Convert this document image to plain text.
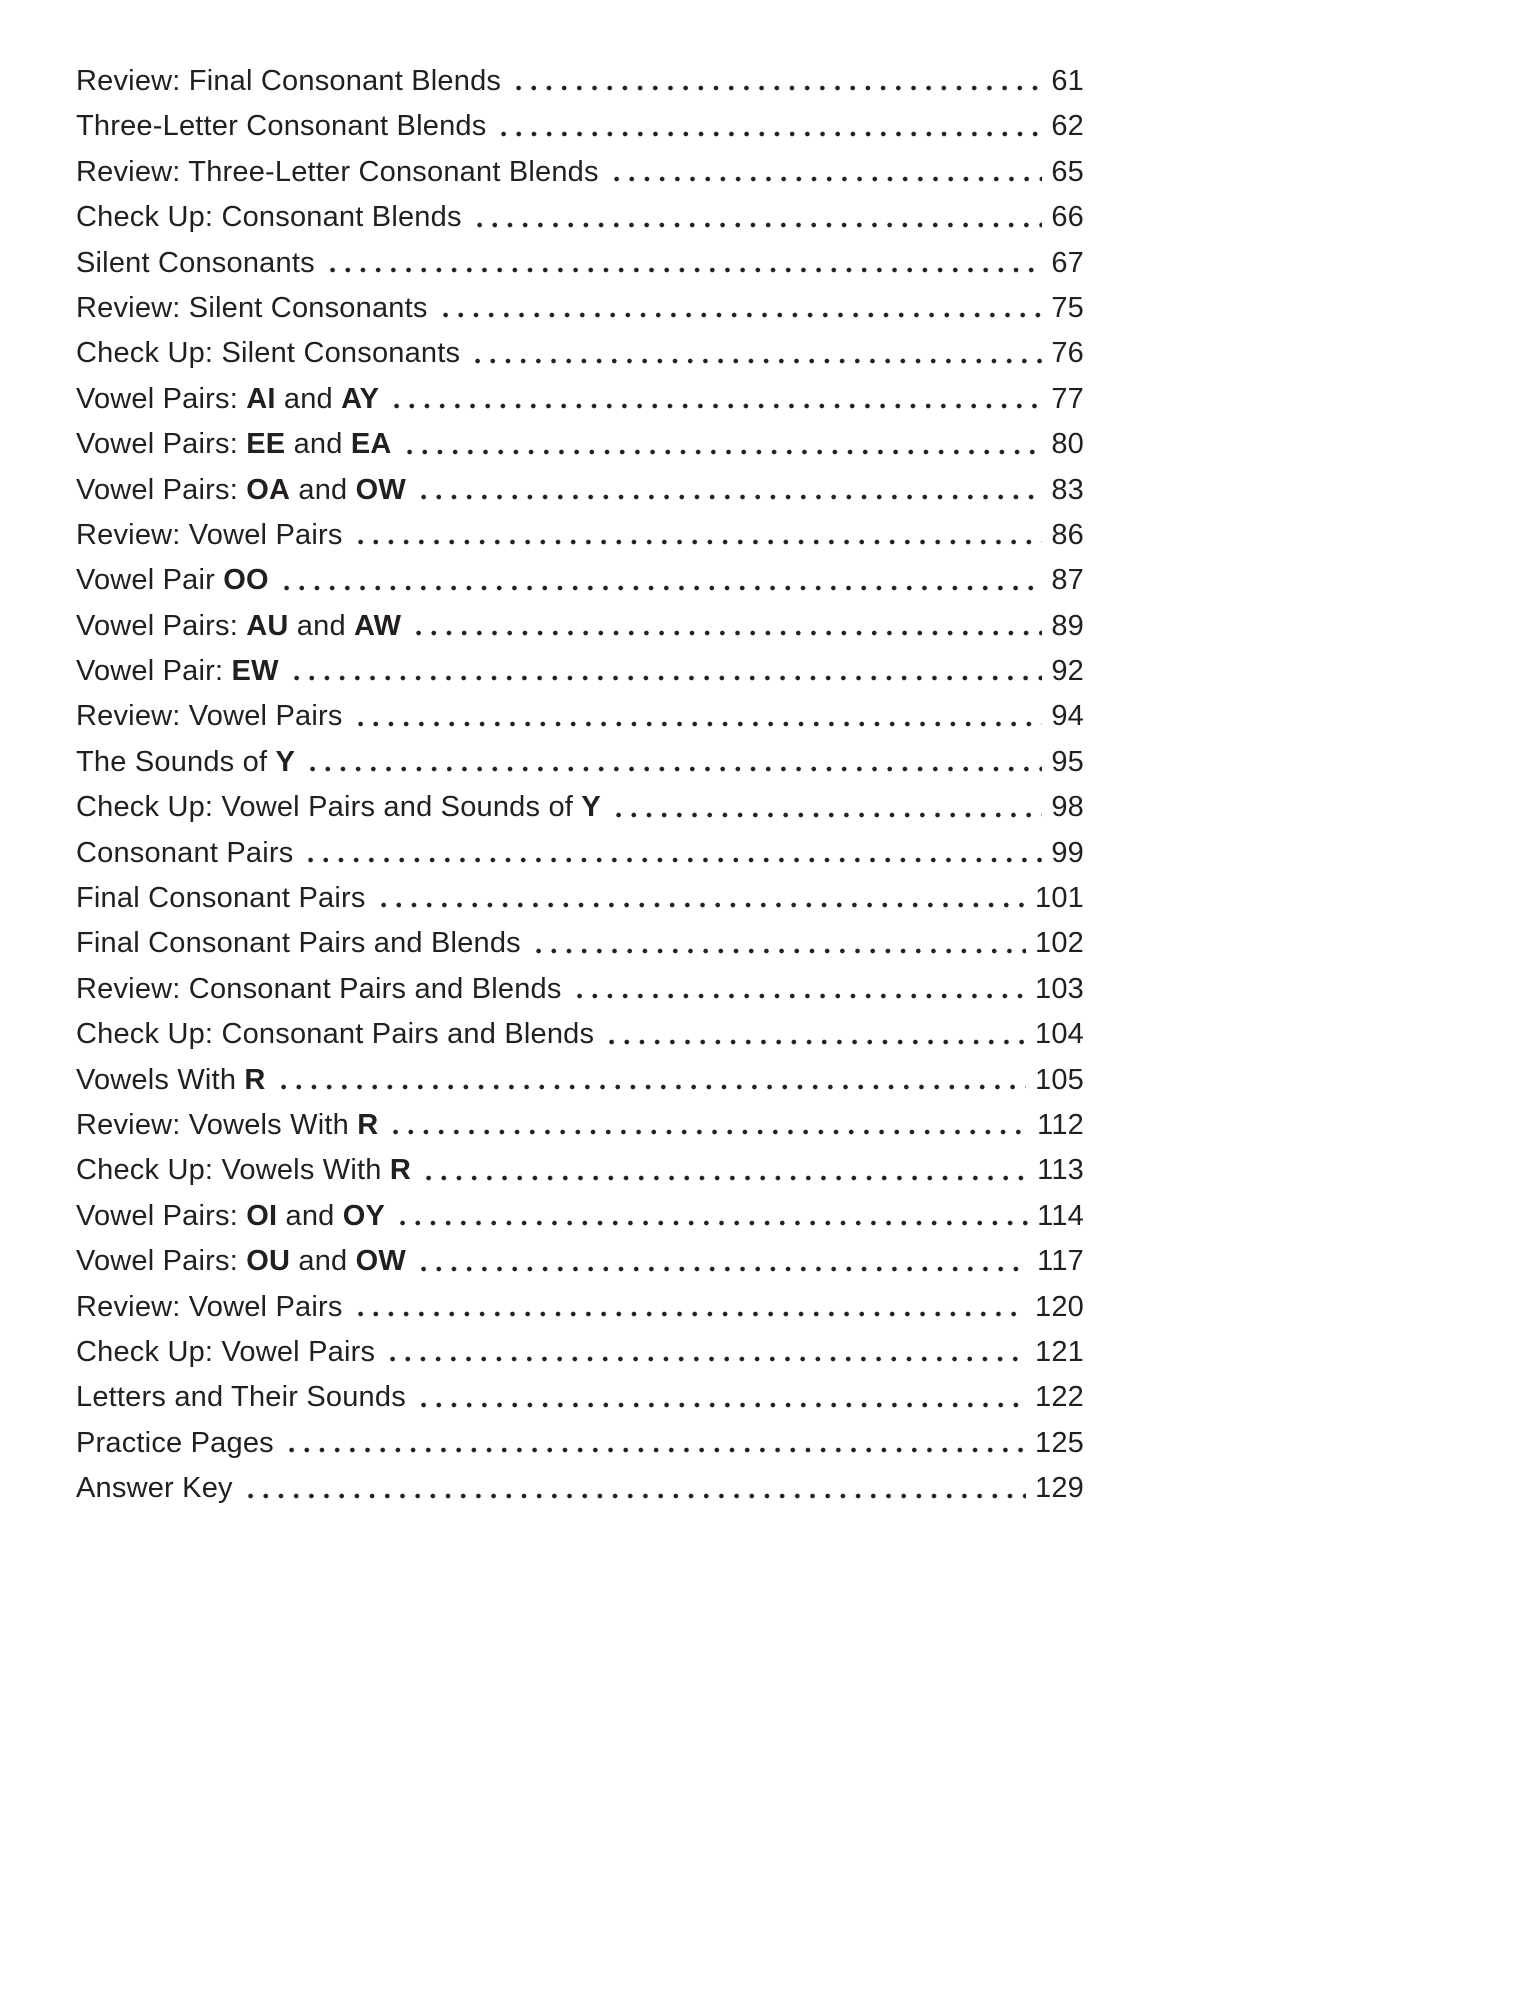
Review: Final Consonant Blends	61
Three-Letter Consonant Blends	62
Review: Three-Letter Consonant Blends	65
Check Up: Consonant Blends	66
Silent Consonants	67
Review: Silent Consonants	75
Check Up: Silent Consonants	76
Vowel Pairs: AI and AY	77
Vowel Pairs: EE and EA	80
Vowel Pairs: OA and OW	83
Review: Vowel Pairs	86
Vowel Pair OO	87
Vowel Pairs: AU and AW	89
Vowel Pair: EW	92
Review: Vowel Pairs	94
The Sounds of Y	95
Check Up: Vowel Pairs and Sounds of Y	98
Consonant Pairs	99
Final Consonant Pairs	101
Final Consonant Pairs and Blends	102
Review: Consonant Pairs and Blends	103
Check Up: Consonant Pairs and Blends	104
Vowels With R	105
Review: Vowels With R	112
Check Up: Vowels With R	113
Vowel Pairs: OI and OY	114
Vowel Pairs: OU and OW	117
Review: Vowel Pairs	120
Check Up: Vowel Pairs	121
Letters and Their Sounds	122
Practice Pages	125
Answer Key	129
